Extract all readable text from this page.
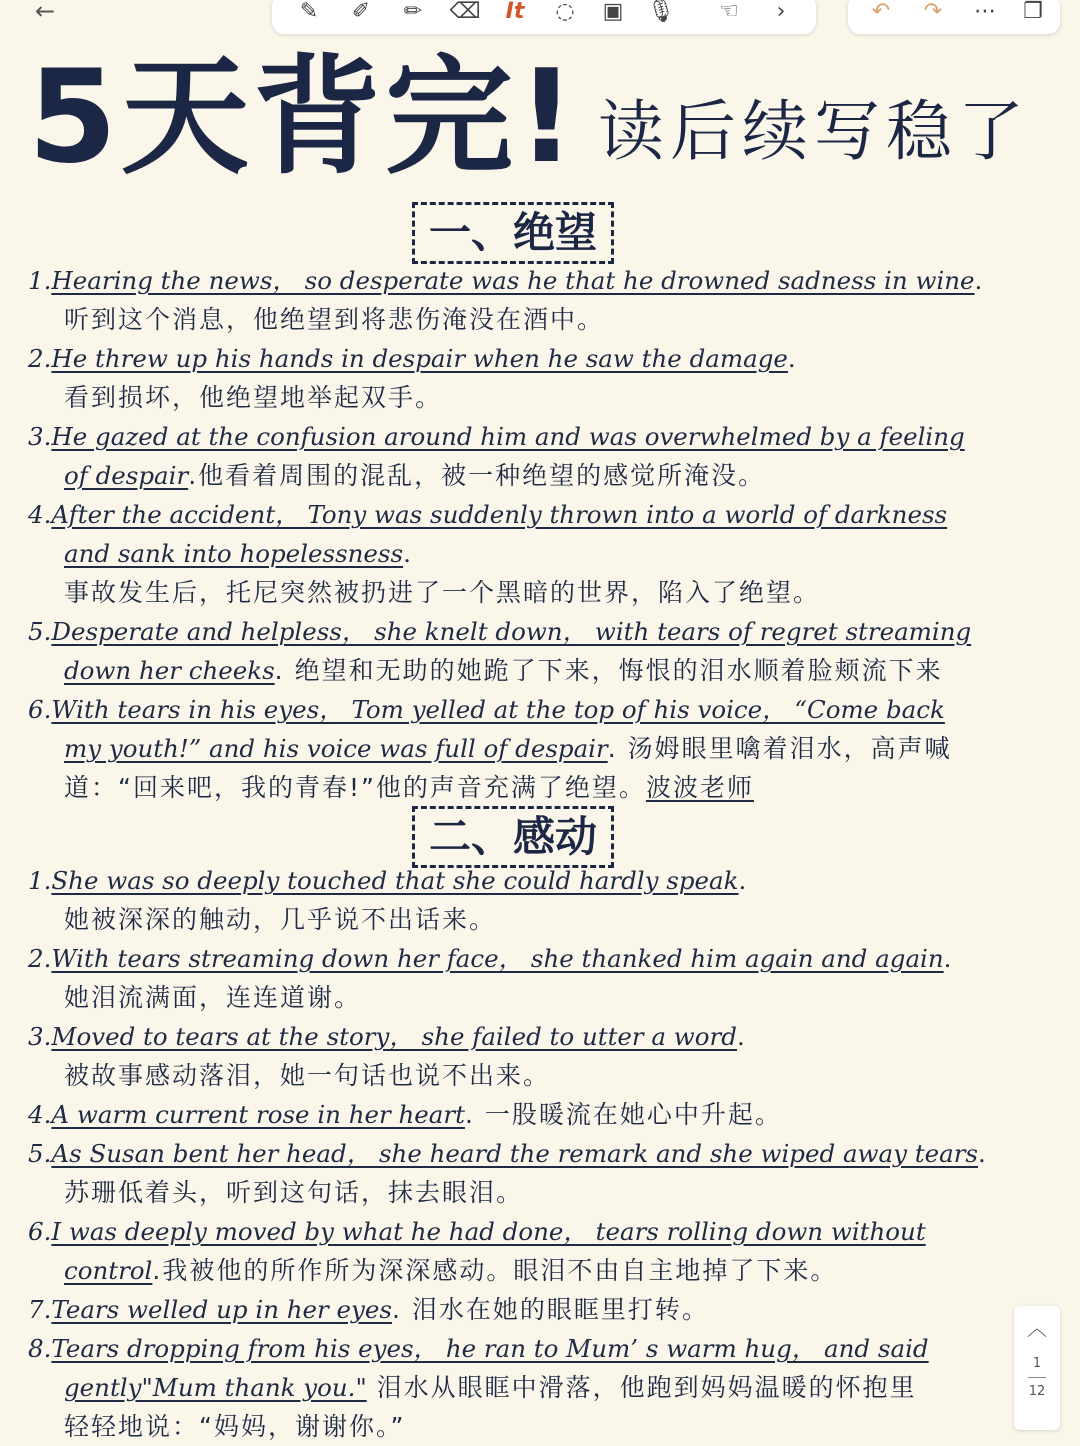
←	✎	✐	✏	⌫	It	◌	▣	🎙	☜	›	↶	↷	⋯	❐
5天背完! 读后续写稳了
一、绝望
1.Hearing the news， so desperate was he that he drowned sadness in wine.
听到这个消息，他绝望到将悲伤淹没在酒中。
2.He threw up his hands in despair when he saw the damage.
看到损坏，他绝望地举起双手。
3.He gazed at the confusion around him and was overwhelmed by a feeling
of despair.他看着周围的混乱，被一种绝望的感觉所淹没。
4.After the accident， Tony was suddenly thrown into a world of darkness
and sank into hopelessness.
事故发生后，托尼突然被扔进了一个黑暗的世界，陷入了绝望。
5.Desperate and helpless， she knelt down， with tears of regret streaming
down her cheeks. 绝望和无助的她跪了下来，悔恨的泪水顺着脸颊流下来
6.With tears in his eyes， Tom yelled at the top of his voice， “Come back
my youth!” and his voice was full of despair. 汤姆眼里噙着泪水，高声喊
道：“回来吧，我的青春!”他的声音充满了绝望。波波老师
二、感动
1.She was so deeply touched that she could hardly speak.
她被深深的触动，几乎说不出话来。
2.With tears streaming down her face， she thanked him again and again.
她泪流满面，连连道谢。
3.Moved to tears at the story， she failed to utter a word.
被故事感动落泪，她一句话也说不出来。
4.A warm current rose in her heart. 一股暖流在她心中升起。
5.As Susan bent her head， she heard the remark and she wiped away tears.
苏珊低着头，听到这句话，抹去眼泪。
6.I was deeply moved by what he had done， tears rolling down without
control.我被他的所作所为深深感动。眼泪不由自主地掉了下来。
7.Tears welled up in her eyes. 泪水在她的眼眶里打转。
8.Tears dropping from his eyes， he ran to Mum’ s warm hug， and said
gently"Mum thank you." 泪水从眼眶中滑落，他跑到妈妈温暖的怀抱里
轻轻地说：“妈妈，谢谢你。”
︿
1
12
